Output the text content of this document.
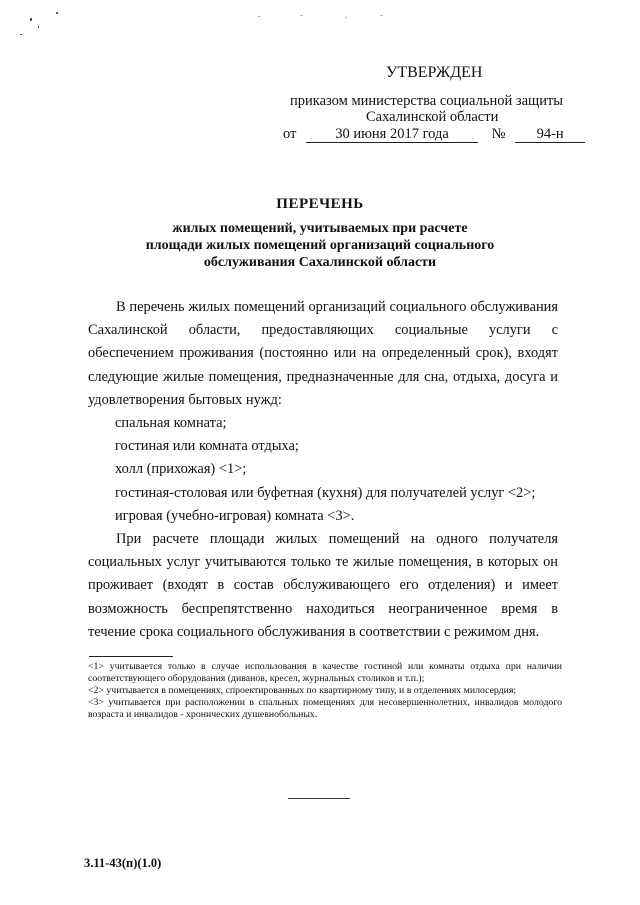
УТВЕРЖДЕН
приказом министерства социальной защиты
Сахалинской области
от	30 июня 2017 года	№ 94-н
ПЕРЕЧЕНЬ
жилых помещений, учитываемых при расчете
площади жилых помещений организаций социального
обслуживания Сахалинской области

В перечень жилых помещений организаций социального обслуживания Сахалинской области, предоставляющих социальные услуги с обеспечением проживания (постоянно или на определенный срок), входят следующие жилые помещения, предназначенные для сна, отдыха, досуга и удовлетворения бытовых нужд:

спальная комната;

гостиная или комната отдыха;

холл (прихожая) <1>;

гостиная-столовая или буфетная (кухня) для получателей услуг <2>;

игровая (учебно-игровая) комната <3>.

При расчете площади жилых помещений на одного получателя социальных услуг учитываются только те жилые помещения, в которых он проживает (входят в состав обслуживающего его отделения) и имеет возможность беспрепятственно находиться неограниченное время в течение срока социального обслуживания в соответствии с режимом дня.

<1> учитывается только в случае использования в качестве гостиной или комнаты отдыха при наличии соответствующего оборудования (диванов, кресел, журнальных столиков и т.п.);

<2> учитывается в помещениях, спроектированных по квартирному типу, и в отделениях милосердия;

<3> учитывается при расположении в спальных помещениях для несовершеннолетних, инвалидов молодого возраста и инвалидов - хронических душевнобольных.

3.11-43(п)(1.0)
